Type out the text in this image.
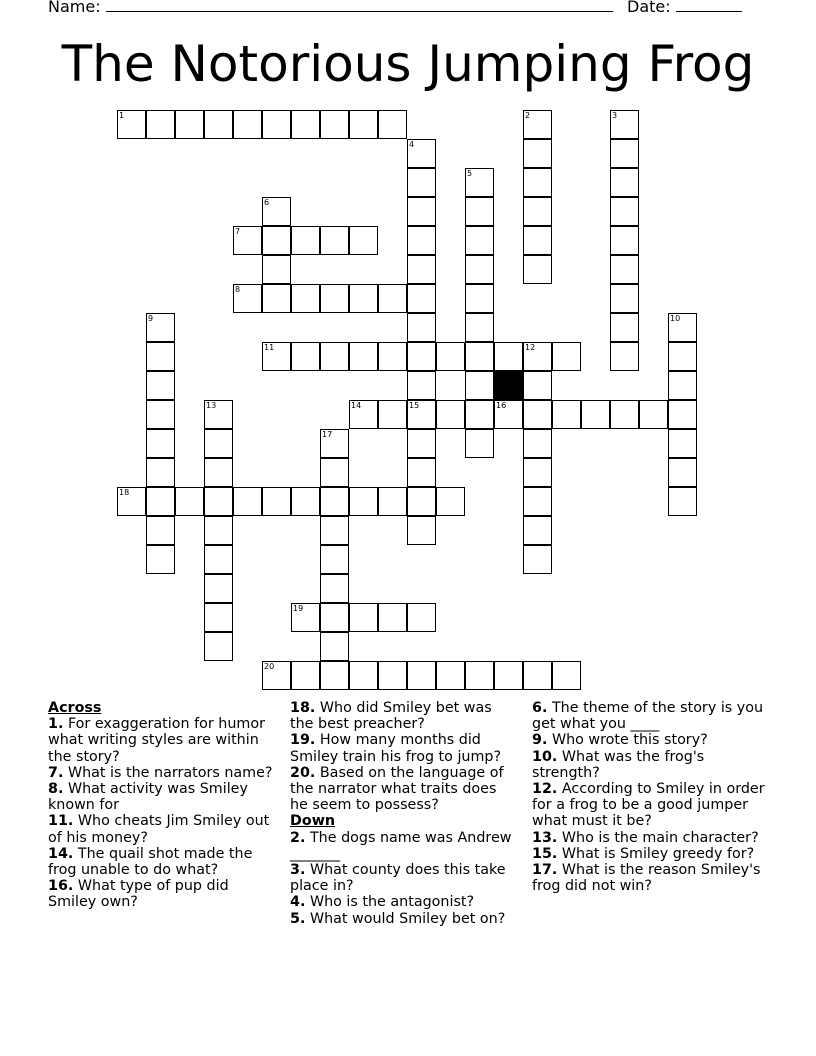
Name:	Date:
The Notorious Jumping Frog
1	2	3
4
15
5
6
7
8
9	10
11	12
13	14	16
17
18
19
20
Across
1. For exaggeration for humor what writing styles are within the story?
7. What is the narrators name?
8. What activity was Smiley known for
11. Who cheats Jim Smiley out of his money?
14. The quail shot made the frog unable to do what?
16. What type of pup did Smiley own?
18. Who did Smiley bet was the best preacher?
19. How many months did Smiley train his frog to jump?
20. Based on the language of the narrator what traits does he seem to possess?
Down
2. The dogs name was Andrew _______
3. What county does this take place in?
4. Who is the antagonist?
5. What would Smiley bet on?
6. The theme of the story is you get what you ____
9. Who wrote this story?
10. What was the frog's strength?
12. According to Smiley in order for a frog to be a good jumper what must it be?
13. Who is the main character?
15. What is Smiley greedy for?
17. What is the reason Smiley's frog did not win?
